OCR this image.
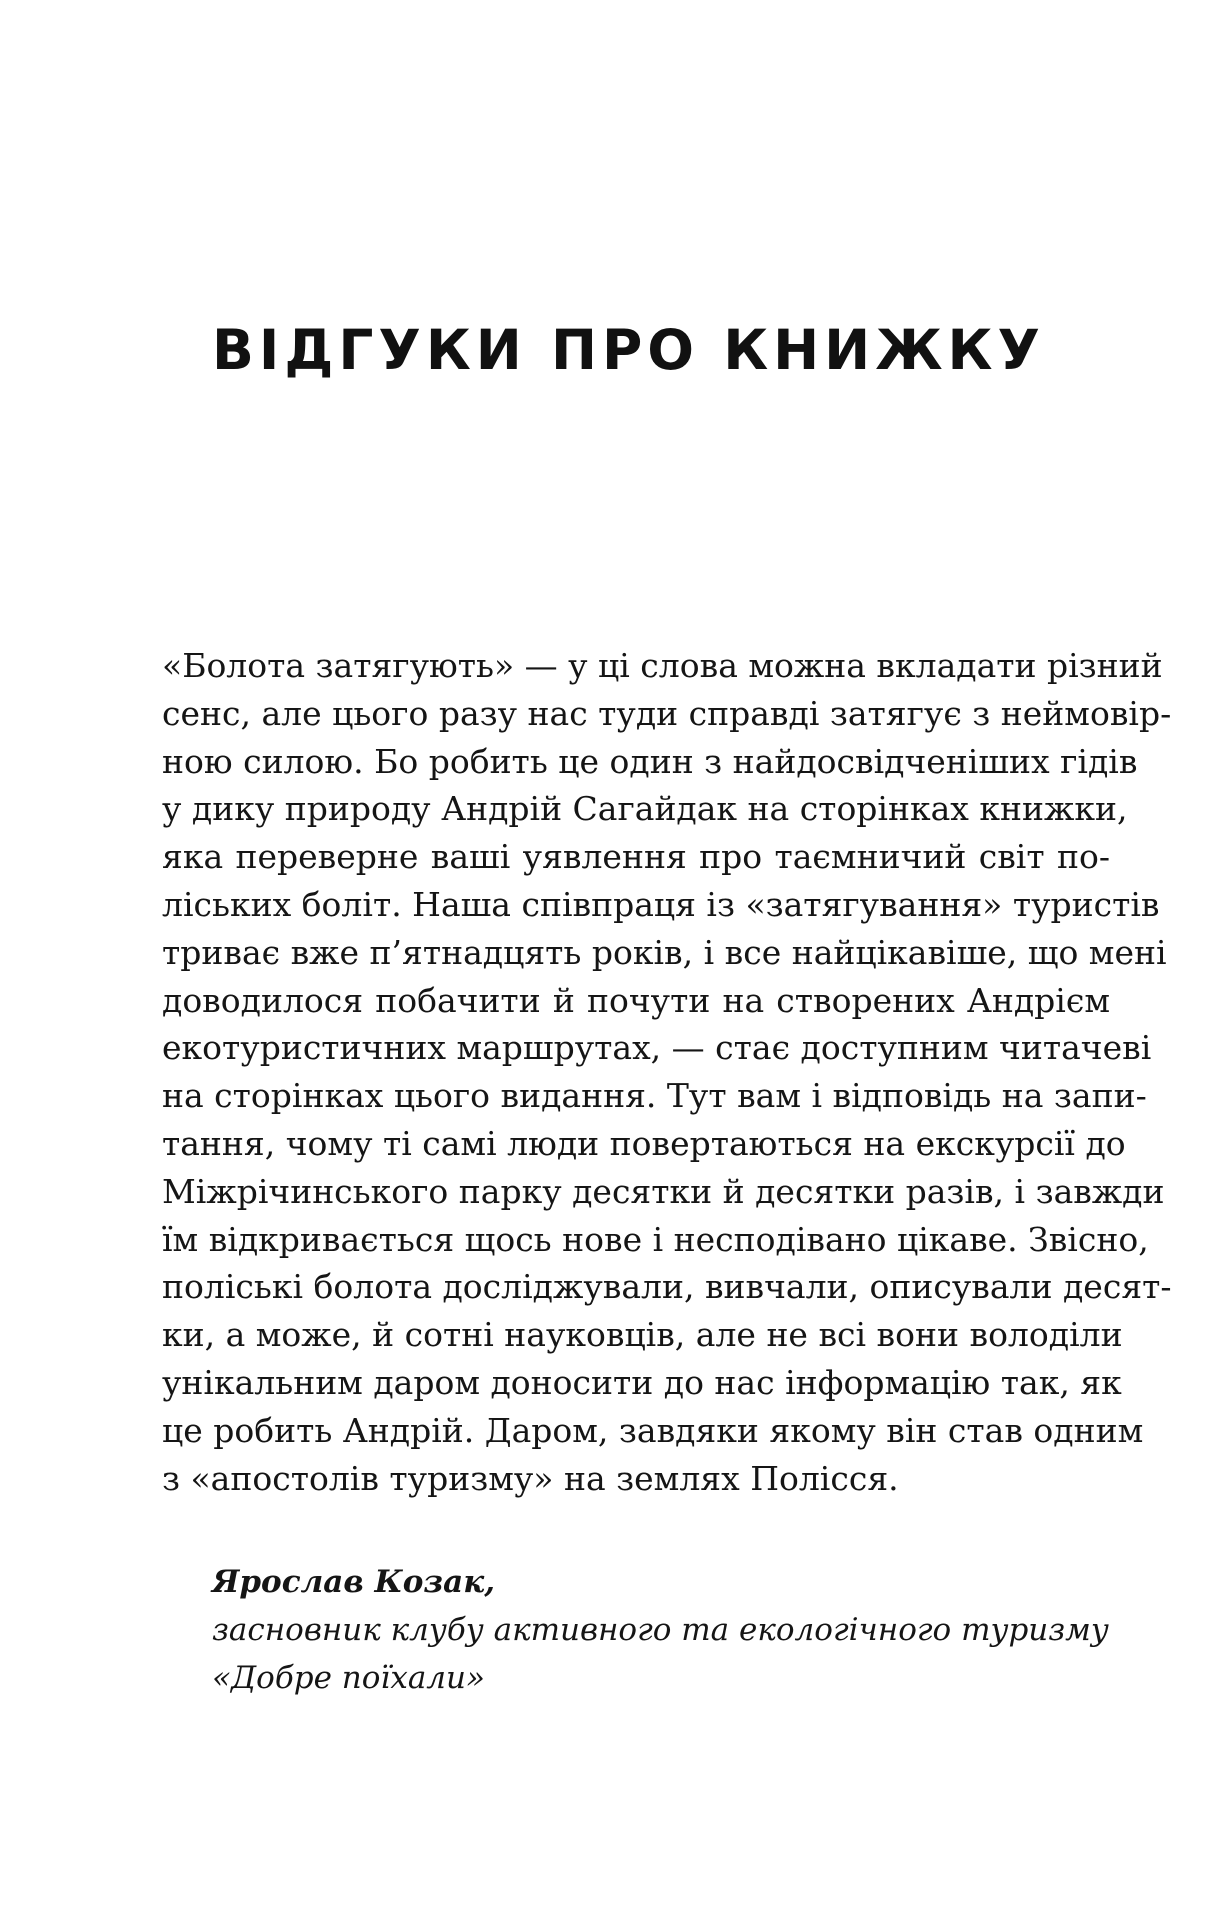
ВІДГУКИ ПРО КНИЖКУ
«Болота затягують» — у ці слова можна вкладати різний
сенс, але цього разу нас туди справді затягує з неймовір-
ною силою. Бо робить це один з найдосвідченіших гідів
у дику природу Андрій Сагайдак на сторінках книжки,
яка переверне ваші уявлення про таємничий світ по-
ліських боліт. Наша співпраця із «затягування» туристів
триває вже п’ятнадцять років, і все найцікавіше, що мені
доводилося побачити й почути на створених Андрієм
екотуристичних маршрутах, — стає доступним читачеві
на сторінках цього видання. Тут вам і відповідь на запи-
тання, чому ті самі люди повертаються на екскурсії до
Міжрічинського парку десятки й десятки разів, і завжди
їм відкривається щось нове і несподівано цікаве. Звісно,
поліські болота досліджували, вивчали, описували десят-
ки, а може, й сотні науковців, але не всі вони володіли
унікальним даром доносити до нас інформацію так, як
це робить Андрій. Даром, завдяки якому він став одним
з «апостолів туризму» на землях Полісся.
Ярослав Козак,
засновник клубу активного та екологічного туризму
«Добре поїхали»
